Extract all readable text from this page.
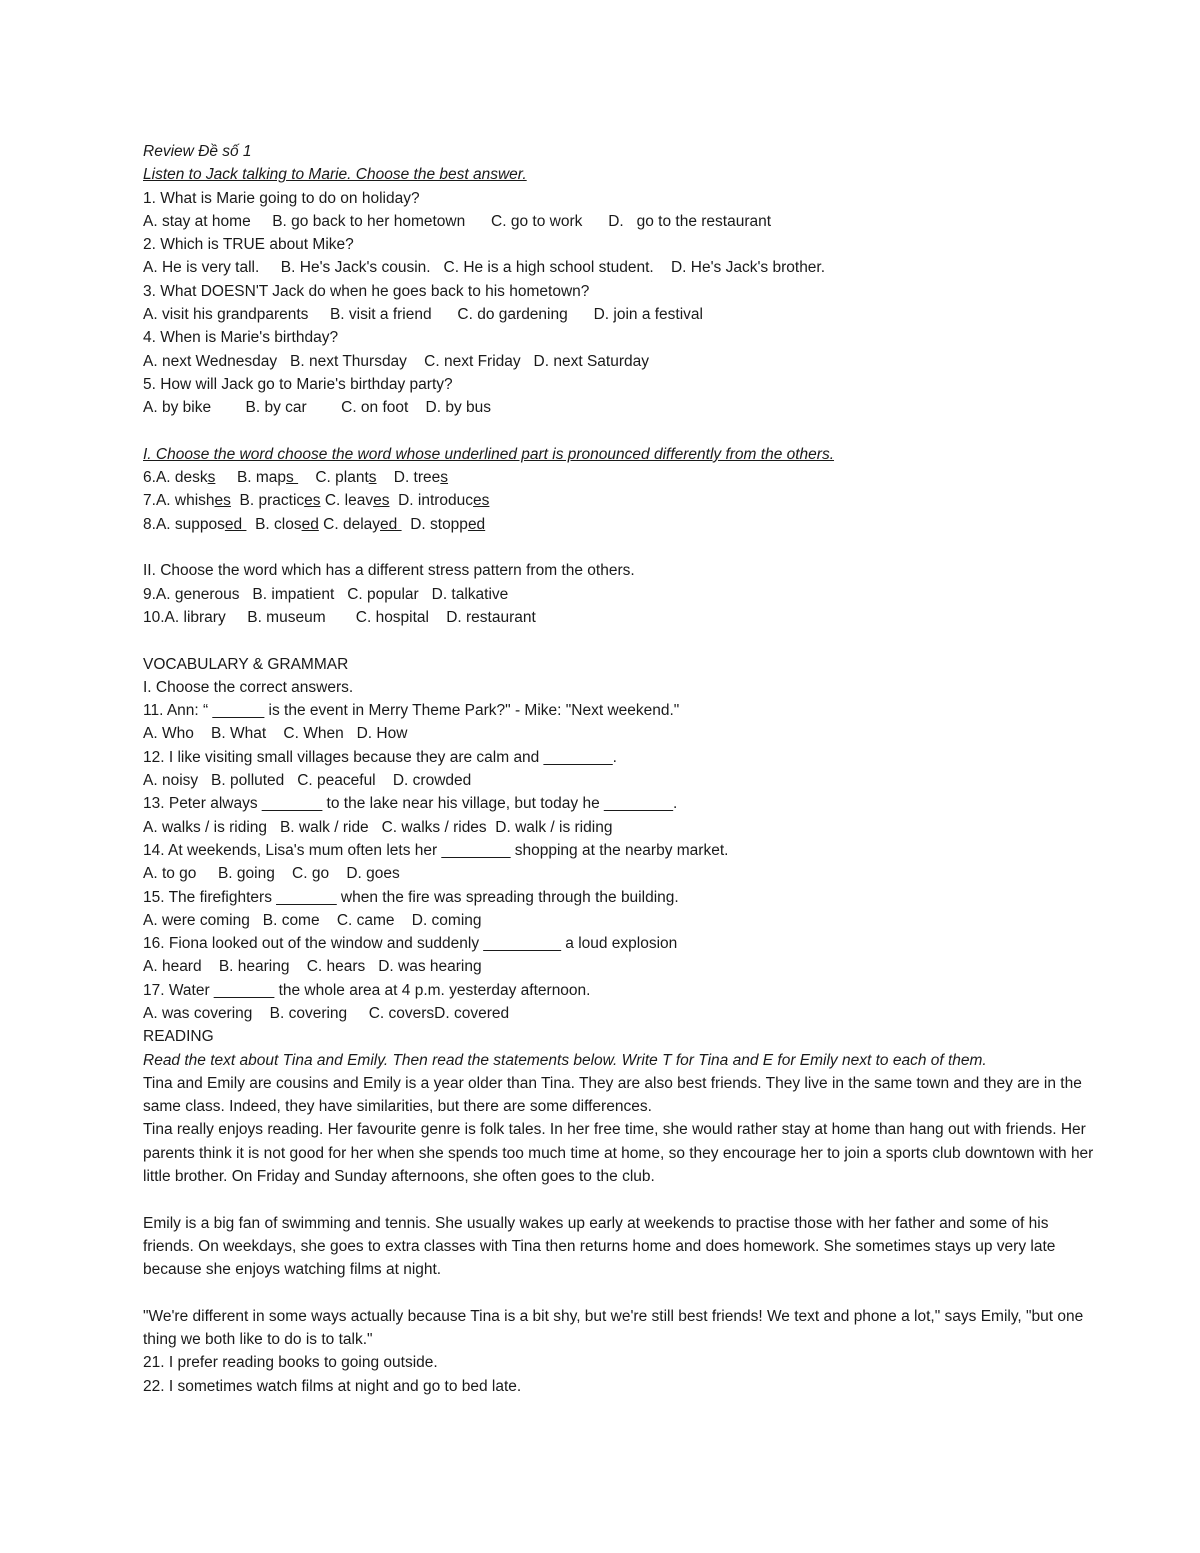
Review Đề số 1
Listen to Jack talking to Marie. Choose the best answer.
1. What is Marie going to do on holiday?
A. stay at home     B. go back to her hometown      C. go to work      D.   go to the restaurant
2. Which is TRUE about Mike?
A. He is very tall.     B. He's Jack's cousin.   C. He is a high school student.    D. He's Jack's brother.
3. What DOESN'T Jack do when he goes back to his hometown?
A. visit his grandparents     B. visit a friend      C. do gardening      D. join a festival
4. When is Marie's birthday?
A. next Wednesday   B. next Thursday    C. next Friday   D. next Saturday
5. How will Jack go to Marie's birthday party?
A. by bike        B. by car        C. on foot    D. by bus
I. Choose the word choose the word whose underlined part is pronounced differently from the others.
6.A. desks B. maps     C. plants D. trees
7.A. whishes B. practices C. leaves D. introduces
8.A. supposed   B. closed C. delayed   D. stopped
II. Choose the word which has a different stress pattern from the others.
9.A. generous   B. impatient   C. popular   D. talkative
10.A. library     B. museum       C. hospital    D. restaurant
VOCABULARY & GRAMMAR
I. Choose the correct answers.
11. Ann: “ ______ is the event in Merry Theme Park?" - Mike: "Next weekend."
A. Who    B. What    C. When   D. How
12. I like visiting small villages because they are calm and ________.
A. noisy   B. polluted   C. peaceful    D. crowded
13. Peter always _______ to the lake near his village, but today he ________.
A. walks / is riding   B. walk / ride   C. walks / rides  D. walk / is riding
14. At weekends, Lisa's mum often lets her ________ shopping at the nearby market.
A. to go     B. going    C. go    D. goes
15. The firefighters _______ when the fire was spreading through the building.
A. were coming   B. come    C. came    D. coming
16. Fiona looked out of the window and suddenly _________ a loud explosion
A. heard    B. hearing    C. hears   D. was hearing
17. Water _______ the whole area at 4 p.m. yesterday afternoon.
A. was covering    B. covering     C. coversD. covered
READING
Read the text about Tina and Emily. Then read the statements below. Write T for Tina and E for Emily next to each of them.
Tina and Emily are cousins and Emily is a year older than Tina. They are also best friends. They live in the same town and they are in the same class. Indeed, they have similarities, but there are some differences.
Tina really enjoys reading. Her favourite genre is folk tales. In her free time, she would rather stay at home than hang out with friends. Her parents think it is not good for her when she spends too much time at home, so they encourage her to join a sports club downtown with her little brother. On Friday and Sunday afternoons, she often goes to the club.
Emily is a big fan of swimming and tennis. She usually wakes up early at weekends to practise those with her father and some of his friends. On weekdays, she goes to extra classes with Tina then returns home and does homework. She sometimes stays up very late because she enjoys watching films at night.
"We're different in some ways actually because Tina is a bit shy, but we're still best friends! We text and phone a lot," says Emily, "but one thing we both like to do is to talk."
21. I prefer reading books to going outside.
22. I sometimes watch films at night and go to bed late.
